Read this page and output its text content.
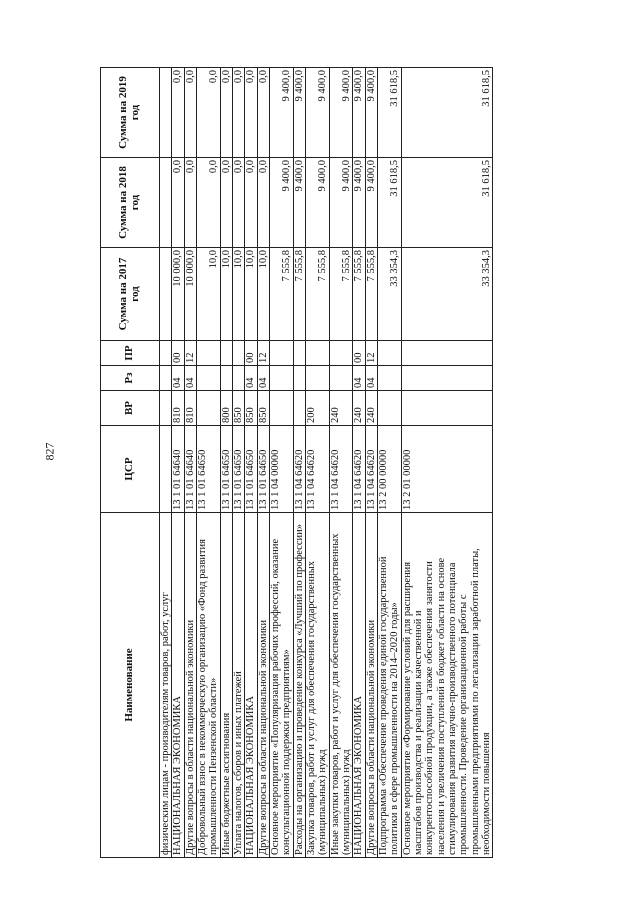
827
Наименование	ЦСР	ВР	Рз	ПР	Сумма на 2017 год	Сумма на 2018 год	Сумма на 2019 год
физическим лицам - производителям товаров, работ, услуг							
НАЦИОНАЛЬНАЯ ЭКОНОМИКА	13 1 01 64640	810	04	00	10 000,0	0,0	0,0
Другие вопросы в области национальной экономики	13 1 01 64640	810	04	12	10 000,0	0,0	0,0
Добровольный взнос в некоммерческую организацию «Фонд развития промышленности Пензенской области»	13 1 01 64650				10,0	0,0	0,0
Иные бюджетные ассигнования	13 1 01 64650	800			10,0	0,0	0,0
Уплата налогов, сборов и иных платежей	13 1 01 64650	850			10,0	0,0	0,0
НАЦИОНАЛЬНАЯ ЭКОНОМИКА	13 1 01 64650	850	04	00	10,0	0,0	0,0
Другие вопросы в области национальной экономики	13 1 01 64650	850	04	12	10,0	0,0	0,0
Основное мероприятие «Популяризация рабочих профессий, оказание консультационной поддержки предприятиям»	13 1 04 00000				7 555,8	9 400,0	9 400,0
Расходы на организацию и проведение конкурса «Лучший по профессии»	13 1 04 64620				7 555,8	9 400,0	9 400,0
Закупка товаров, работ и услуг для обеспечения государственных (муниципальных) нужд	13 1 04 64620	200			7 555,8	9 400,0	9 400,0
Иные закупки товаров, работ и услуг для обеспечения государственных (муниципальных) нужд	13 1 04 64620	240			7 555,8	9 400,0	9 400,0
НАЦИОНАЛЬНАЯ ЭКОНОМИКА	13 1 04 64620	240	04	00	7 555,8	9 400,0	9 400,0
Другие вопросы в области национальной экономики	13 1 04 64620	240	04	12	7 555,8	9 400,0	9 400,0
Подпрограмма «Обеспечение проведения единой государственной политики в сфере промышленности на 2014–2020 годы»	13 2 00 00000				33 354,3	31 618,5	31 618,5
Основное мероприятие «Формирование условий для расширения масштабов производства и реализации качественной и конкурентоспособной продукции, а также обеспечения занятости населения и увеличения поступлений в бюджет области на основе стимулирования развития научно-производственного потенциала промышленности. Проведение организационной работы с промышленными предприятиями по легализации заработной платы, необходимости повышения	13 2 01 00000				33 354,3	31 618,5	31 618,5
